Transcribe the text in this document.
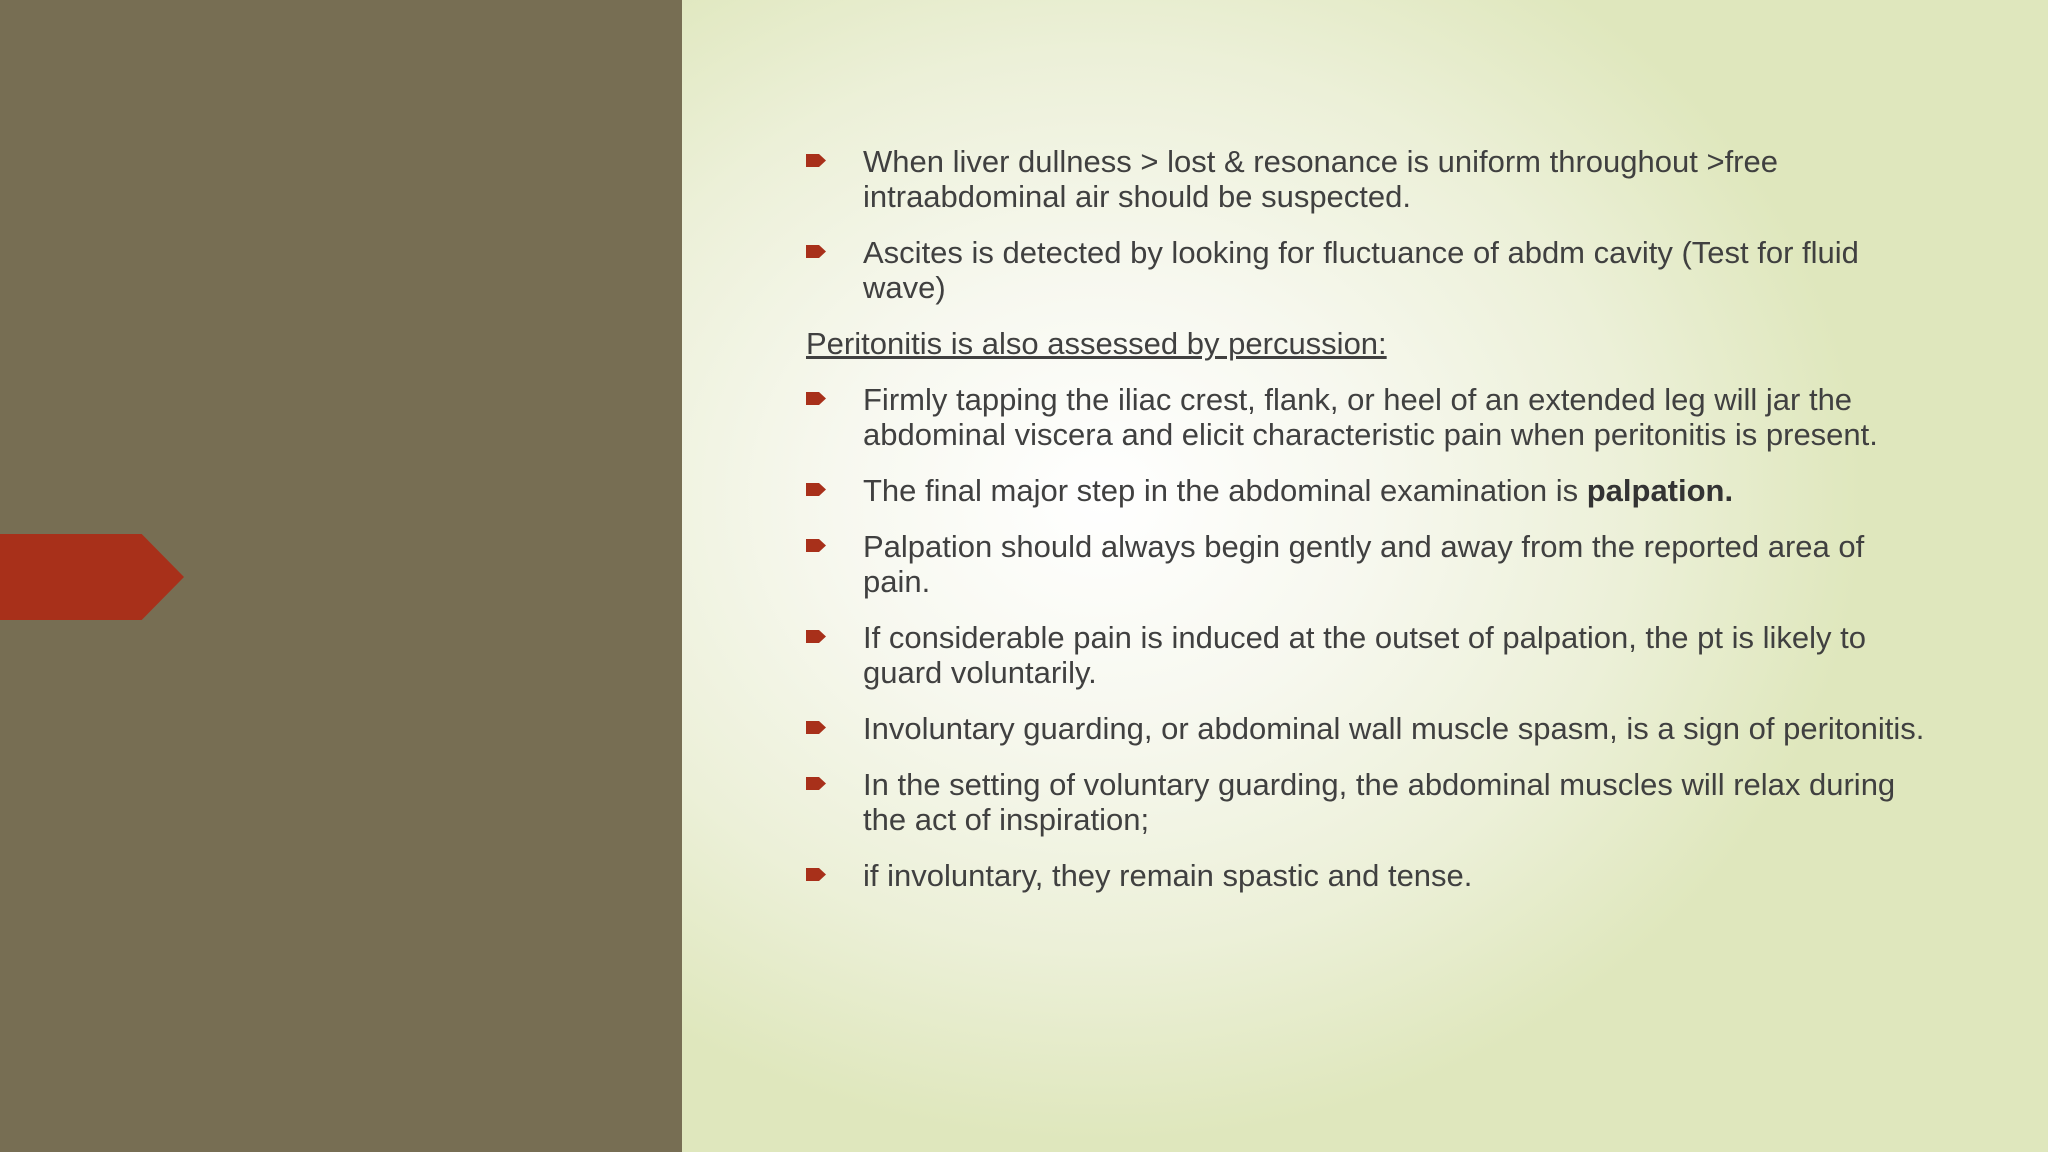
When liver dullness > lost & resonance is uniform throughout >free intraabdominal air should be suspected.
Ascites is detected by looking for fluctuance of abdm cavity (Test for fluid wave)
Peritonitis is also assessed by percussion:
Firmly tapping the iliac crest, flank, or heel of an extended leg will jar the abdominal viscera and elicit characteristic pain when peritonitis is present.
The final major step in the abdominal examination is palpation.
Palpation should always begin gently and away from the reported area of pain.
If considerable pain is induced at the outset of palpation, the pt is likely to guard voluntarily.
Involuntary guarding, or abdominal wall muscle spasm, is a sign of peritonitis.
In the setting of voluntary guarding, the abdominal muscles will relax during the act of inspiration;
if involuntary, they remain spastic and tense.
